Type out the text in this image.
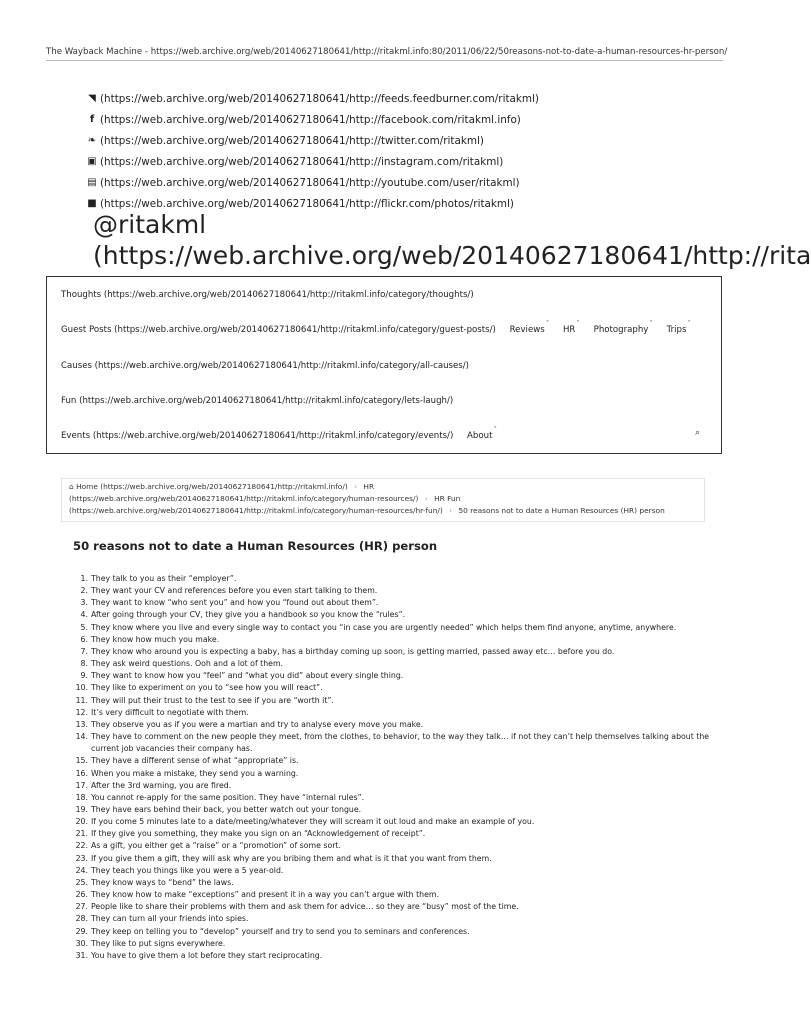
The Wayback Machine - https://web.archive.org/web/20140627180641/http://ritakml.info:80/2011/06/22/50reasons-not-to-date-a-human-resources-hr-person/
◥ (https://web.archive.org/web/20140627180641/http://feeds.feedburner.com/ritakml)
f (https://web.archive.org/web/20140627180641/http://facebook.com/ritakml.info)
❧ (https://web.archive.org/web/20140627180641/http://twitter.com/ritakml)
▣ (https://web.archive.org/web/20140627180641/http://instagram.com/ritakml)
▤ (https://web.archive.org/web/20140627180641/http://youtube.com/user/ritakml)
■ (https://web.archive.org/web/20140627180641/http://flickr.com/photos/ritakml)
@ritakml
(https://web.archive.org/web/20140627180641/http://rita
Thoughts (https://web.archive.org/web/20140627180641/http://ritakml.info/category/thoughts/)
Guest Posts (https://web.archive.org/web/20140627180641/http://ritakml.info/category/guest-posts/) Reviews$^ˇ$ $HR^ˇ$ Photography$^ˇ$ Trips$^ˇ$
Causes (https://web.archive.org/web/20140627180641/http://ritakml.info/category/all-causes/)
Fun (https://web.archive.org/web/20140627180641/http://ritakml.info/category/lets-laugh/)
Events (https://web.archive.org/web/20140627180641/http://ritakml.info/category/events/) About$^ˇ$	⌕
⌂ Home (https://web.archive.org/web/20140627180641/http://ritakml.info/) › HR
(https://web.archive.org/web/20140627180641/http://ritakml.info/category/human-resources/) › HR Fun
(https://web.archive.org/web/20140627180641/http://ritakml.info/category/human-resources/hr-fun/) › 50 reasons not to date a Human Resources (HR) person
50 reasons not to date a Human Resources (HR) person
1. They talk to you as their “employer”.
2. They want your CV and references before you even start talking to them.
3. They want to know “who sent you” and how you “found out about them”.
4. After going through your CV, they give you a handbook so you know the “rules”.
5. They know where you live and every single way to contact you “in case you are urgently needed” which helps them find anyone, anytime, anywhere.
6. They know how much you make.
7. They know who around you is expecting a baby, has a birthday coming up soon, is getting married, passed away etc… before you do.
8. They ask weird questions. Ooh and a lot of them.
9. They want to know how you “feel” and “what you did” about every single thing.
10. They like to experiment on you to “see how you will react”.
11. They will put their trust to the test to see if you are “worth it”.
12. It’s very difficult to negotiate with them.
13. They observe you as if you were a martian and try to analyse every move you make.
14. They have to comment on the new people they meet, from the clothes, to behavior, to the way they talk… if not they can’t help themselves talking about the current job vacancies their company has.
15. They have a different sense of what “appropriate” is.
16. When you make a mistake, they send you a warning.
17. After the 3rd warning, you are fired.
18. You cannot re-apply for the same position. They have “internal rules”.
19. They have ears behind their back, you better watch out your tongue.
20. If you come 5 minutes late to a date/meeting/whatever they will scream it out loud and make an example of you.
21. If they give you something, they make you sign on an “Acknowledgement of receipt”.
22. As a gift, you either get a “raise” or a “promotion” of some sort.
23. If you give them a gift, they will ask why are you bribing them and what is it that you want from them.
24. They teach you things like you were a 5 year-old.
25. They know ways to “bend” the laws.
26. They know how to make “exceptions” and present it in a way you can’t argue with them.
27. People like to share their problems with them and ask them for advice… so they are “busy” most of the time.
28. They can turn all your friends into spies.
29. They keep on telling you to “develop” yourself and try to send you to seminars and conferences.
30. They like to put signs everywhere.
31. You have to give them a lot before they start reciprocating.
